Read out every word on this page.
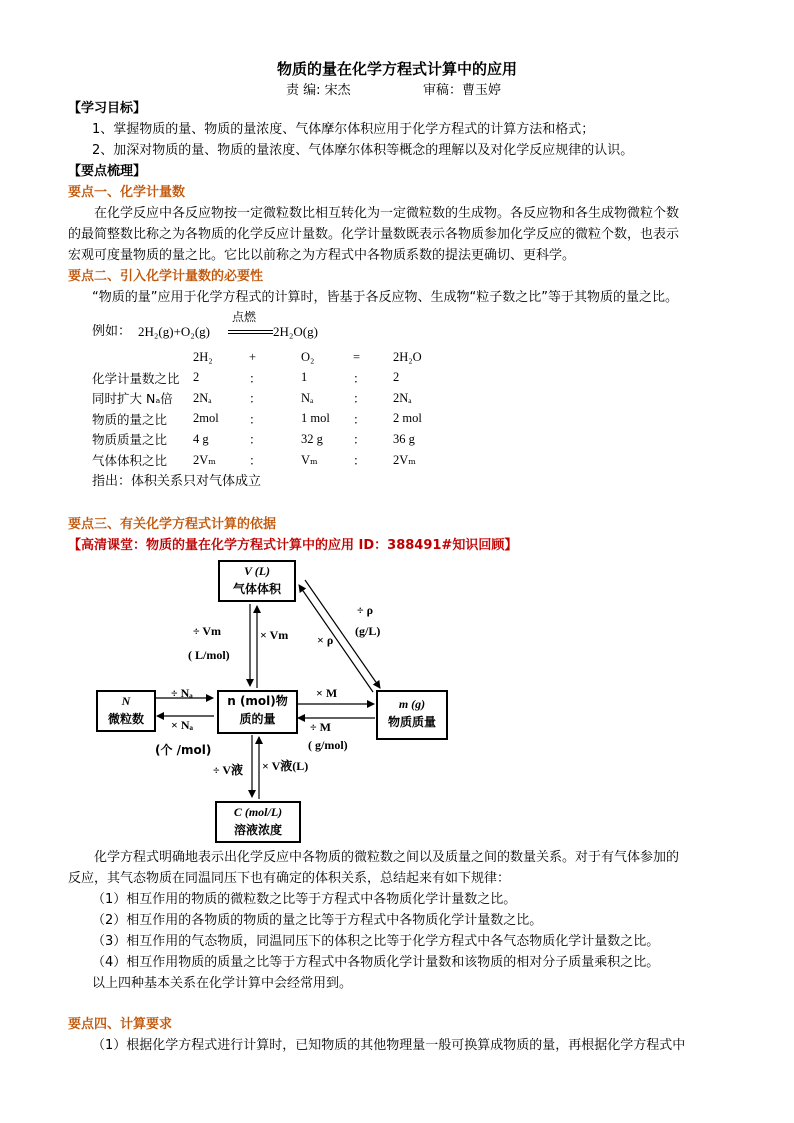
物质的量在化学方程式计算中的应用
责 编: 宋杰	审稿：曹玉婷
【学习目标】
1、掌握物质的量、物质的量浓度、气体摩尔体积应用于化学方程式的计算方法和格式；
2、加深对物质的量、物质的量浓度、气体摩尔体积等概念的理解以及对化学反应规律的认识。
【要点梳理】
要点一、化学计量数
在化学反应中各反应物按一定微粒数比相互转化为一定微粒数的生成物。各反应物和各生成物微粒个数
的最简整数比称之为各物质的化学反应计量数。化学计量数既表示各物质参加化学反应的微粒个数，也表示
宏观可度量物质的量之比。它比以前称之为方程式中各物质系数的提法更确切、更科学。
要点二、引入化学计量数的必要性
“物质的量”应用于化学方程式的计算时，皆基于各反应物、生成物“粒子数之比”等于其物质的量之比。
例如： 2H₂(g)+O₂(g)
点燃
2H₂O(g)
	2H₂	+	O₂	=	2H₂O
化学计量数之比	2	：	1	：	2
同时扩大 Nₐ倍	2Nₐ	：	Nₐ	：	2Nₐ
物质的量之比	2mol	：	1 mol	：	2 mol
物质质量之比	4 g	：	32 g	：	36 g
气体体积之比	2Vₘ	：	Vₘ	：	2Vₘ
指出：体积关系只对气体成立
要点三、有关化学方程式计算的依据
【高清课堂：物质的量在化学方程式计算中的应用 ID：388491#知识回顾】
V (L)
气体体积
N
微粒数
n (mol)物
质的量
m (g)
物质质量
C (mol/L)
溶液浓度
÷ Vm
( L/mol)
× Vm
÷ ρ
(g/L)
× ρ
÷ Nₐ
× Nₐ
(个 /mol)
× M
÷ M
( g/mol)
÷ V液 × V液(L)
化学方程式明确地表示出化学反应中各物质的微粒数之间以及质量之间的数量关系。对于有气体参加的
反应，其气态物质在同温同压下也有确定的体积关系，总结起来有如下规律：
（1）相互作用的物质的微粒数之比等于方程式中各物质化学计量数之比。
（2）相互作用的各物质的物质的量之比等于方程式中各物质化学计量数之比。
（3）相互作用的气态物质，同温同压下的体积之比等于化学方程式中各气态物质化学计量数之比。
（4）相互作用物质的质量之比等于方程式中各物质化学计量数和该物质的相对分子质量乘积之比。
以上四种基本关系在化学计算中会经常用到。
要点四、计算要求
（1）根据化学方程式进行计算时，已知物质的其他物理量一般可换算成物质的量，再根据化学方程式中
